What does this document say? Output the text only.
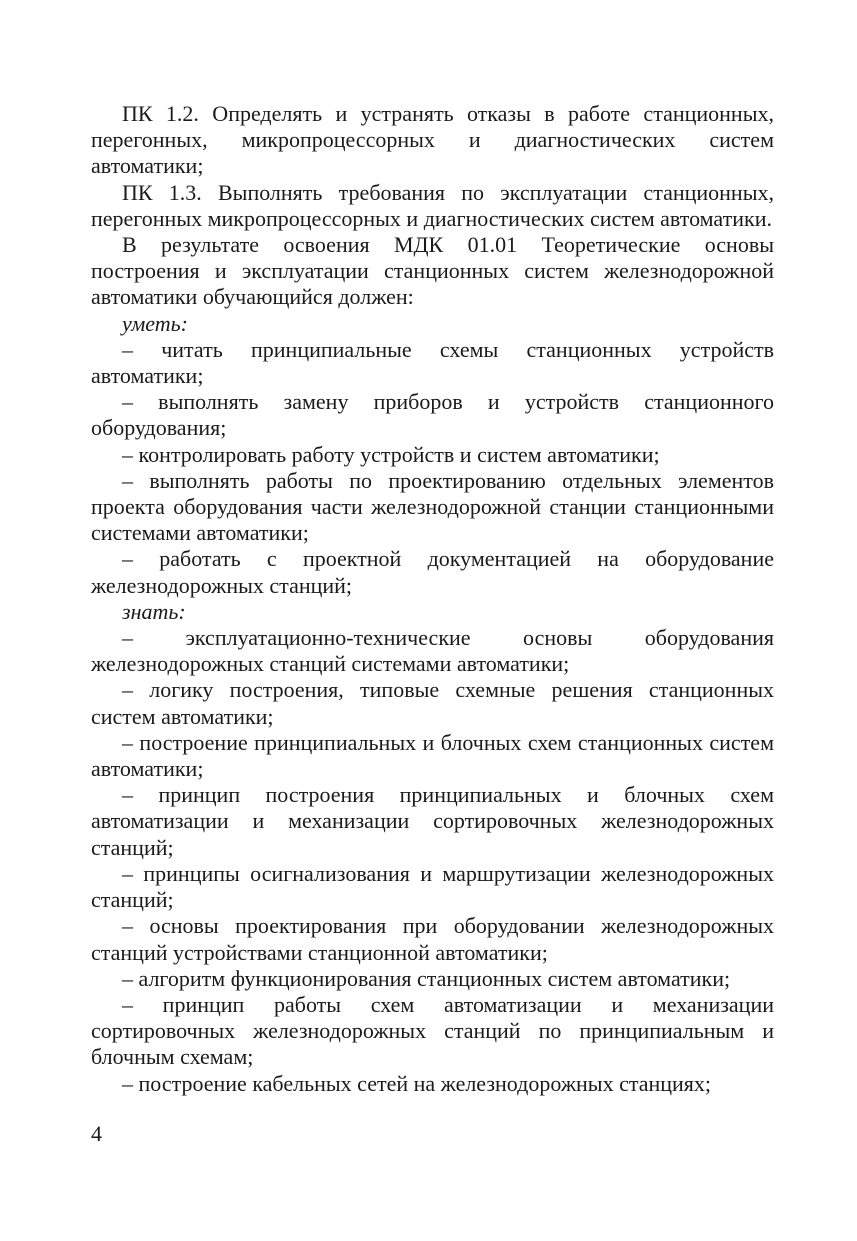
ПК 1.2. Определять и устранять отказы в работе станционных, перегонных, микропроцессорных и диагностических систем автоматики;

ПК 1.3. Выполнять требования по эксплуатации станционных, перегонных микропроцессорных и диагностических систем автоматики.

В результате освоения МДК 01.01 Теоретические основы построения и эксплуатации станционных систем железнодорожной автоматики обучающийся должен:

уметь:

– читать принципиальные схемы станционных устройств автоматики;

– выполнять замену приборов и устройств станционного оборудования;

– контролировать работу устройств и систем автоматики;

– выполнять работы по проектированию отдельных элементов проекта оборудования части железнодорожной станции станционными системами автоматики;

– работать с проектной документацией на оборудование железнодорожных станций;

знать:

– эксплуатационно-технические основы оборудования железнодорожных станций системами автоматики;

– логику построения, типовые схемные решения станционных систем автоматики;

– построение принципиальных и блочных схем станционных систем автоматики;

– принцип построения принципиальных и блочных схем автоматизации и механизации сортировочных железнодорожных станций;

– принципы осигнализования и маршрутизации железнодорожных станций;

– основы проектирования при оборудовании железнодорожных станций устройствами станционной автоматики;

– алгоритм функционирования станционных систем автоматики;

– принцип работы схем автоматизации и механизации сортировочных железнодорожных станций по принципиальным и блочным схемам;

– построение кабельных сетей на железнодорожных станциях;

4
